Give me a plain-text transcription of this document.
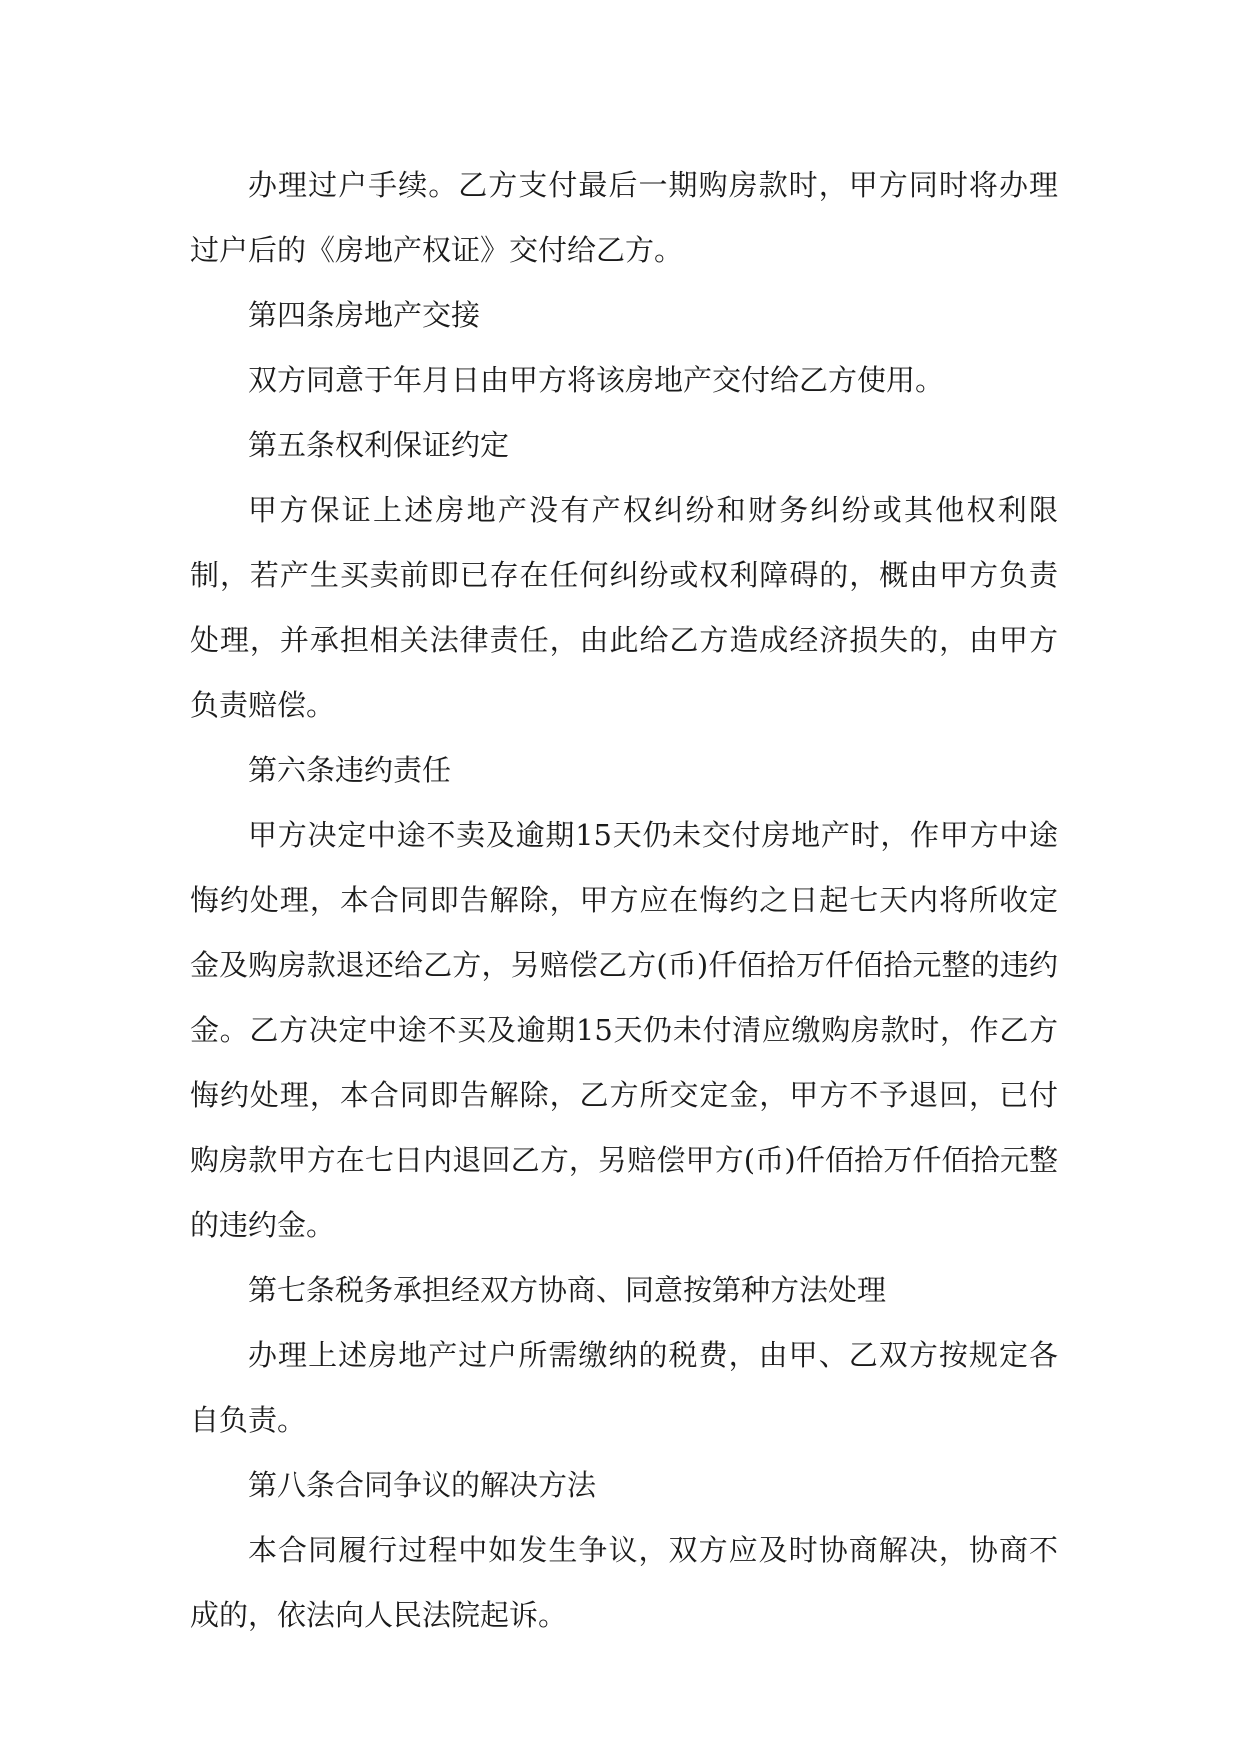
办理过户手续。乙方支付最后一期购房款时，甲方同时将办理过户后的《房地产权证》交付给乙方。

第四条房地产交接

双方同意于年月日由甲方将该房地产交付给乙方使用。

第五条权利保证约定

甲方保证上述房地产没有产权纠纷和财务纠纷或其他权利限制，若产生买卖前即已存在任何纠纷或权利障碍的，概由甲方负责处理，并承担相关法律责任，由此给乙方造成经济损失的，由甲方负责赔偿。

第六条违约责任

甲方决定中途不卖及逾期15天仍未交付房地产时，作甲方中途悔约处理，本合同即告解除，甲方应在悔约之日起七天内将所收定金及购房款退还给乙方，另赔偿乙方(币)仟佰拾万仟佰拾元整的违约金。乙方决定中途不买及逾期15天仍未付清应缴购房款时，作乙方悔约处理，本合同即告解除，乙方所交定金，甲方不予退回，已付购房款甲方在七日内退回乙方，另赔偿甲方(币)仟佰拾万仟佰拾元整的违约金。

第七条税务承担经双方协商、同意按第种方法处理

办理上述房地产过户所需缴纳的税费，由甲、乙双方按规定各自负责。

第八条合同争议的解决方法

本合同履行过程中如发生争议，双方应及时协商解决，协商不成的，依法向人民法院起诉。
